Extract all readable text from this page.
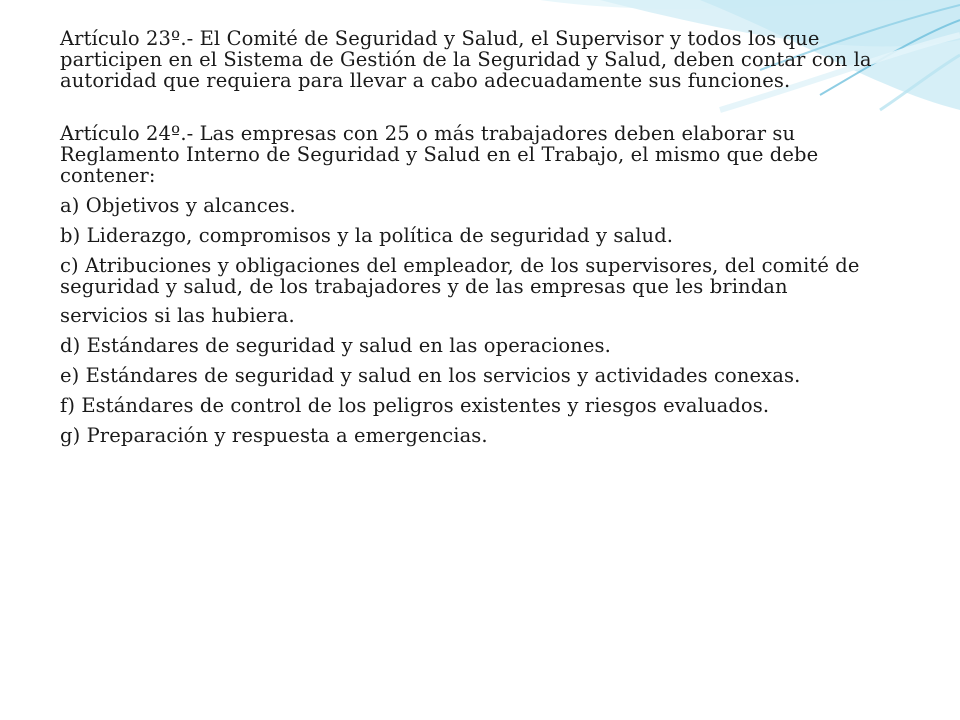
Artículo 23º.- El Comité de Seguridad y Salud, el Supervisor y todos los que participen en el Sistema de Gestión de la Seguridad y Salud, deben contar con la autoridad que requiera para llevar a cabo adecuadamente sus funciones.

Artículo 24º.- Las empresas con 25 o más trabajadores deben elaborar su Reglamento Interno de Seguridad y Salud en el Trabajo, el mismo que debe contener:

a) Objetivos y alcances.

b) Liderazgo, compromisos y la política de seguridad y salud.

c) Atribuciones y obligaciones del empleador, de los supervisores, del comité de seguridad y salud, de los trabajadores y de las empresas que les brindan

servicios si las hubiera.

d) Estándares de seguridad y salud en las operaciones.

e) Estándares de seguridad y salud en los servicios y actividades conexas.

f) Estándares de control de los peligros existentes y riesgos evaluados.

g) Preparación y respuesta a emergencias.
